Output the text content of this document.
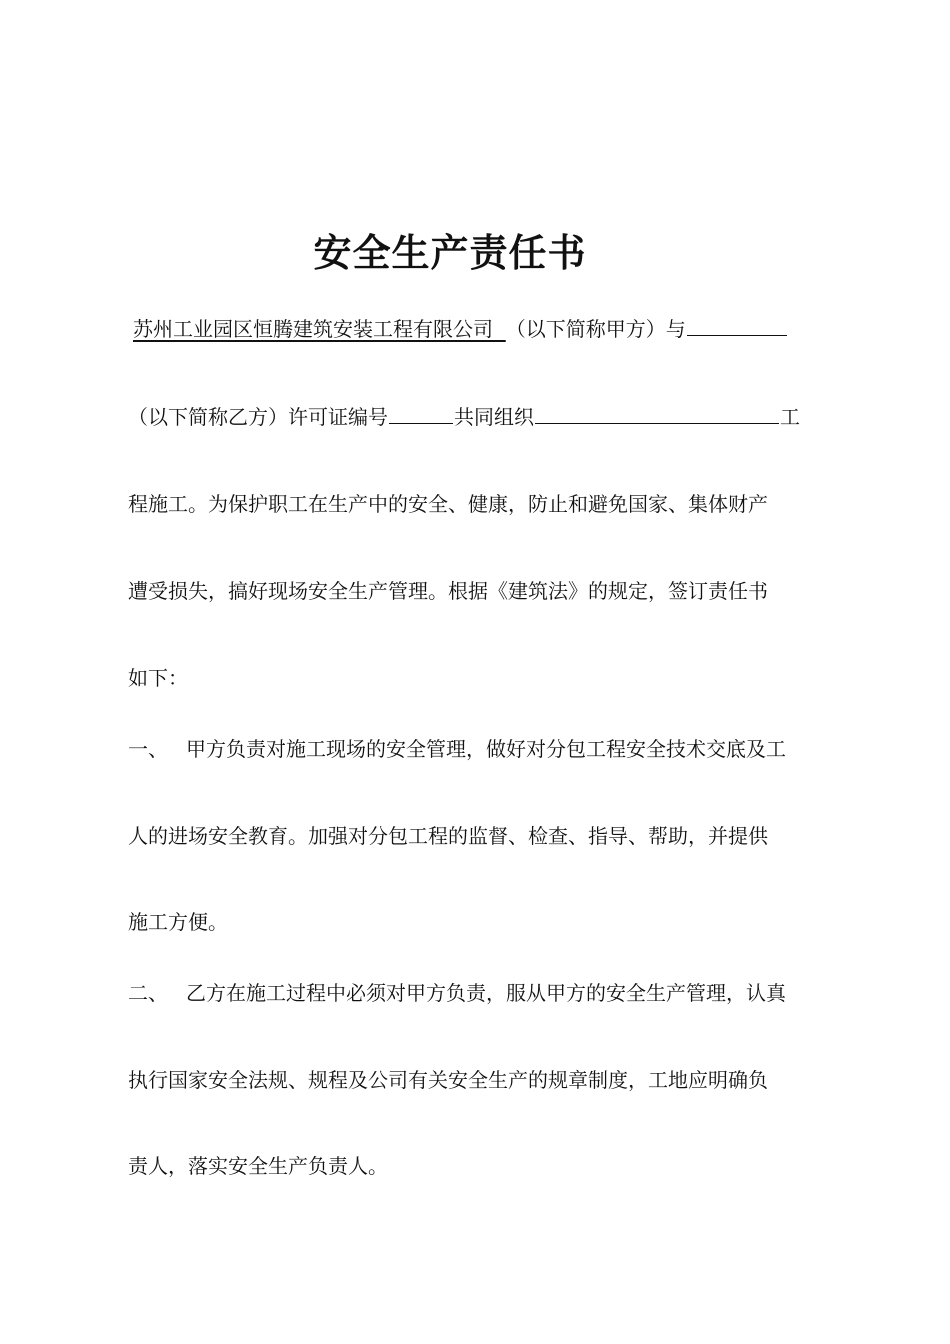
安全生产责任书
苏州工业园区恒腾建筑安装工程有限公司 （以下简称甲方）与
（以下简称乙方）许可证编号	共同组织	工
程施工。为保护职工在生产中的安全、健康，防止和避免国家、集体财产
遭受损失，搞好现场安全生产管理。根据《建筑法》的规定，签订责任书
如下：
一、 甲方负责对施工现场的安全管理，做好对分包工程安全技术交底及工
人的进场安全教育。加强对分包工程的监督、检查、指导、帮助，并提供
施工方便。
二、 乙方在施工过程中必须对甲方负责，服从甲方的安全生产管理，认真
执行国家安全法规、规程及公司有关安全生产的规章制度，工地应明确负
责人，落实安全生产负责人。
